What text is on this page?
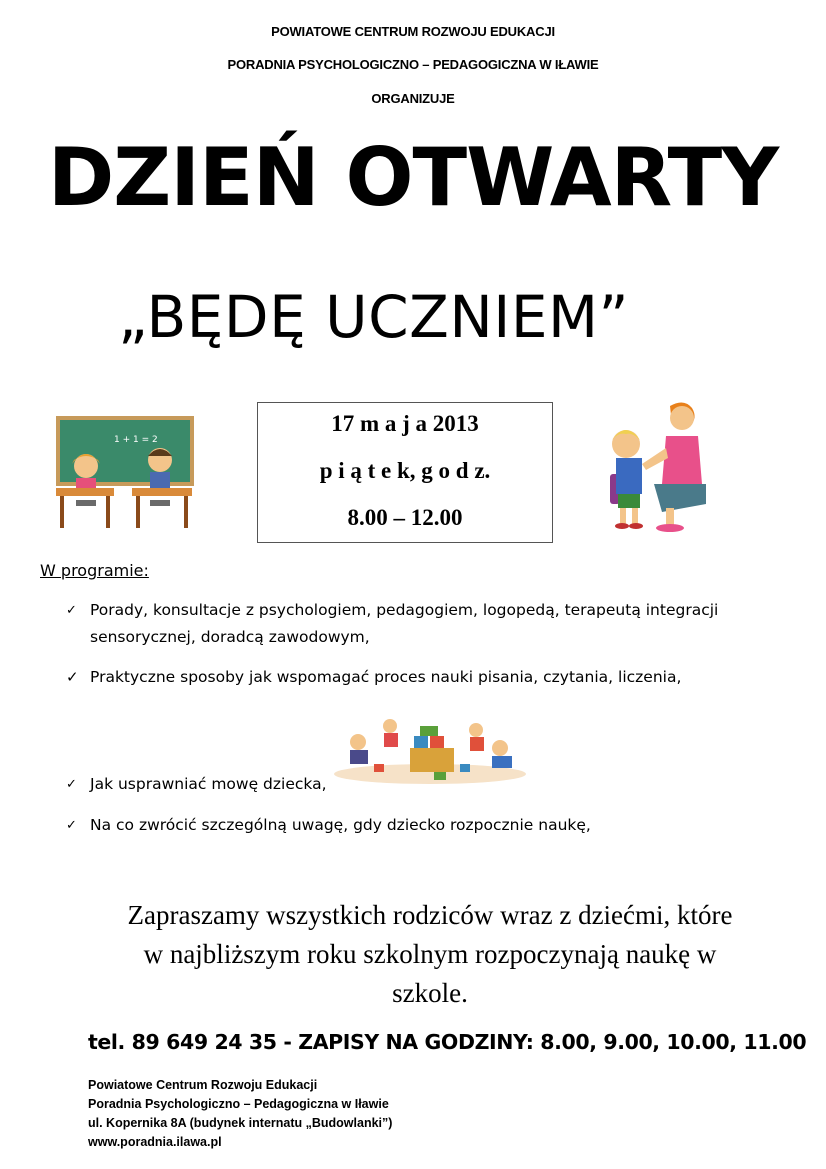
POWIATOWE CENTRUM ROZWOJU EDUKACJI
PORADNIA PSYCHOLOGICZNO – PEDAGOGICZNA W IŁAWIE
ORGANIZUJE
DZIEŃ OTWARTY
„BĘDĘ UCZNIEM”
1 + 1 = 2
17 m a j a 2013
p i ą t e k, g o d z.
8.00 – 12.00
W programie:
✓ Porady, konsultacje z psychologiem, pedagogiem, logopedą, terapeutą integracji
sensorycznej, doradcą zawodowym,
✓ Praktyczne sposoby jak wspomagać proces nauki pisania, czytania, liczenia,
✓ Jak usprawniać mowę dziecka,
✓ Na co zwrócić szczególną uwagę, gdy dziecko rozpocznie naukę,
Zapraszamy wszystkich rodziców wraz z dziećmi, które
w najbliższym roku szkolnym rozpoczynają naukę w
szkole.
tel. 89 649 24 35 - ZAPISY NA GODZINY: 8.00, 9.00, 10.00, 11.00
Powiatowe Centrum Rozwoju Edukacji
Poradnia Psychologiczno – Pedagogiczna w Iławie
ul. Kopernika 8A (budynek internatu „Budowlanki”)
www.poradnia.ilawa.pl
